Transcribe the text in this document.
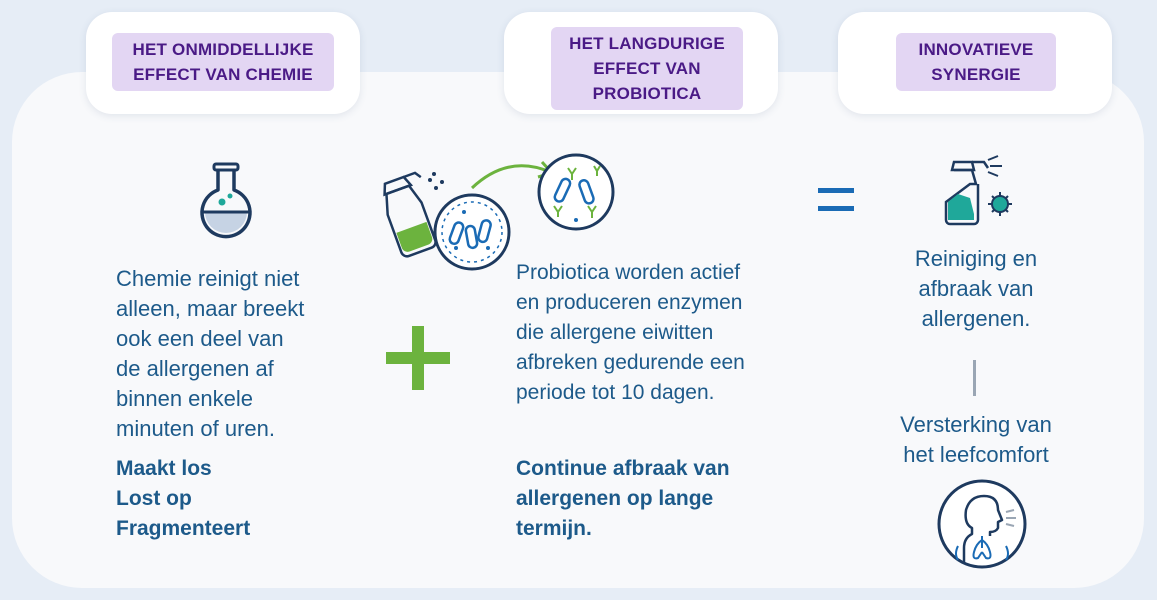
HET ONMIDDELLIJKE
EFFECT VAN CHEMIE
HET LANGDURIGE
EFFECT VAN
PROBIOTICA
INNOVATIEVE
SYNERGIE
Chemie reinigt niet
alleen, maar breekt
ook een deel van
de allergenen af
binnen enkele
minuten of uren.
Maakt los
Lost op
Fragmenteert
Probiotica worden actief
en produceren enzymen
die allergene eiwitten
afbreken gedurende een
periode tot 10 dagen.
Continue afbraak van
allergenen op lange
termijn.
Reiniging en
afbraak van
allergenen.
Versterking van
het leefcomfort
